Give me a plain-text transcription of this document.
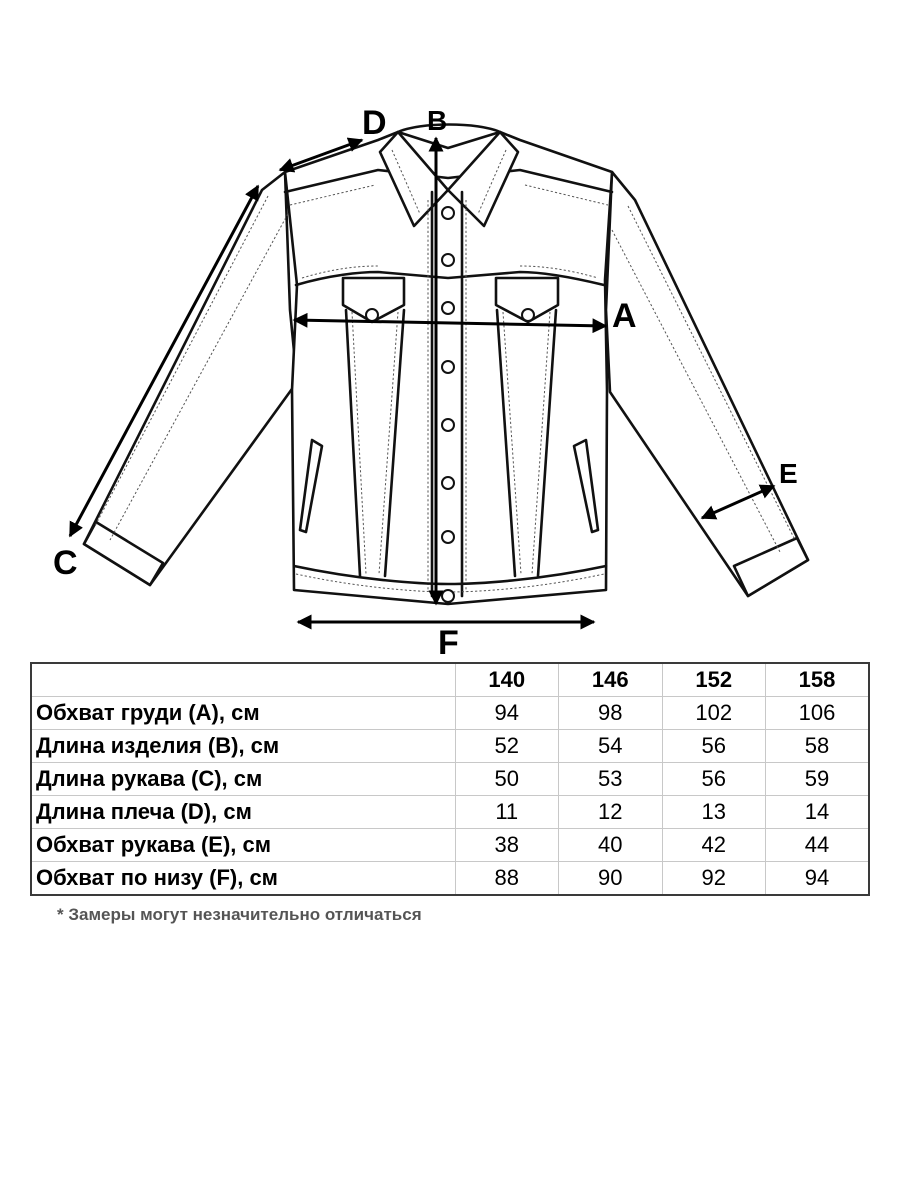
A
B
C
D
E
F
	140	146	152	158
Обхват груди (A), см	94	98	102	106
Длина изделия (B), см	52	54	56	58
Длина рукава (C), см	50	53	56	59
Длина плеча (D), см	11	12	13	14
Обхват рукава (E), см	38	40	42	44
Обхват по низу (F), см	88	90	92	94
* Замеры могут незначительно отличаться
